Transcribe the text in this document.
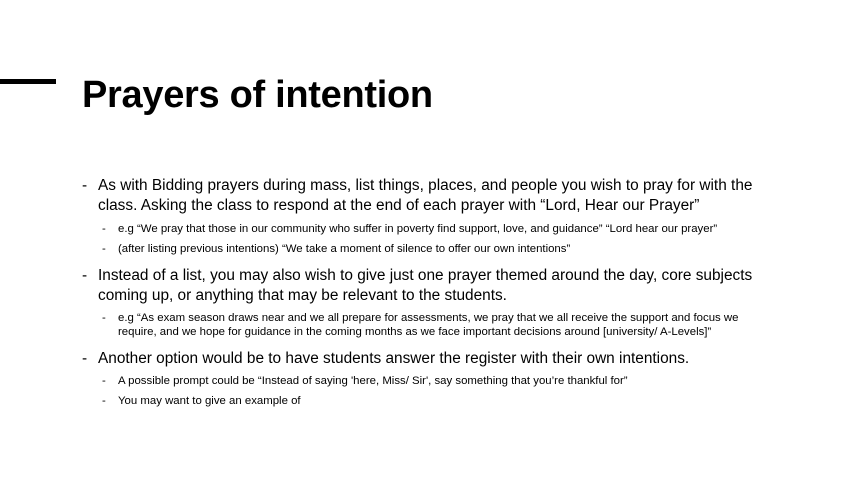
Prayers of intention
- As with Bidding prayers during mass, list things, places, and people you wish to pray for with the class. Asking the class to respond at the end of each prayer with “Lord, Hear our Prayer”
- e.g “We pray that those in our community who suffer in poverty find support, love, and guidance” “Lord hear our prayer”
- (after listing previous intentions) “We take a moment of silence to offer our own intentions”
- Instead of a list, you may also wish to give just one prayer themed around the day, core subjects coming up, or anything that may be relevant to the students.
- e.g “As exam season draws near and we all prepare for assessments, we pray that we all receive the support and focus we require, and we hope for guidance in the coming months as we face important decisions around [university/ A-Levels]”
- Another option would be to have students answer the register with their own intentions.
- A possible prompt could be “Instead of saying 'here, Miss/ Sir', say something that you’re thankful for”
- You may want to give an example of
